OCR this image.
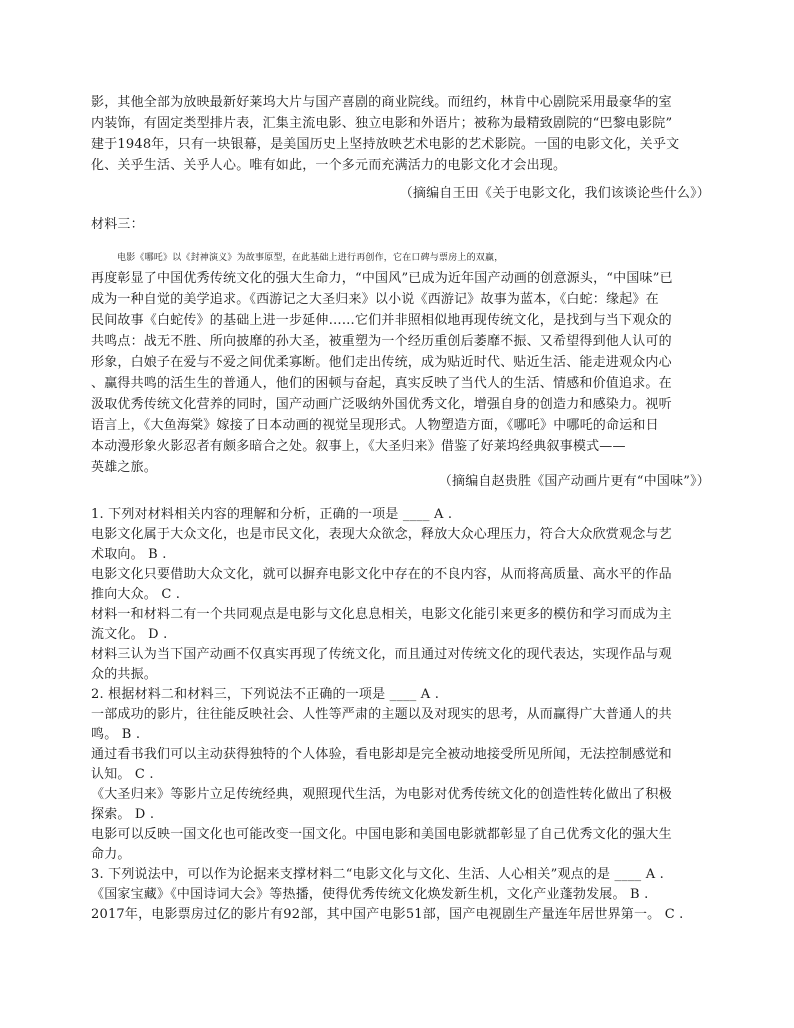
影，其他全部为放映最新好莱坞大片与国产喜剧的商业院线。而纽约，林肯中心剧院采用最豪华的室
内装饰，有固定类型排片表，汇集主流电影、独立电影和外语片；被称为最精致剧院的“巴黎电影院”
建于1948年，只有一块银幕，是美国历史上坚持放映艺术电影的艺术影院。一国的电影文化，关乎文
化、关乎生活、关乎人心。唯有如此，一个多元而充满活力的电影文化才会出现。
（摘编自王田《关于电影文化，我们该谈论些什么》）
材料三：
电影《哪吒》以《封神演义》为故事原型，在此基础上进行再创作，它在口碑与票房上的双赢，
再度彰显了中国优秀传统文化的强大生命力，“中国风”已成为近年国产动画的创意源头，“中国味”已
成为一种自觉的美学追求。《西游记之大圣归来》以小说《西游记》故事为蓝本，《白蛇：缘起》在
民间故事《白蛇传》的基础上进一步延伸……它们并非照相似地再现传统文化，是找到与当下观众的
共鸣点：战无不胜、所向披靡的孙大圣，被重塑为一个经历重创后萎靡不振、又希望得到他人认可的
形象，白娘子在爱与不爱之间优柔寡断。他们走出传统，成为贴近时代、贴近生活、能走进观众内心
、赢得共鸣的活生生的普通人，他们的困顿与奋起，真实反映了当代人的生活、情感和价值追求。在
汲取优秀传统文化营养的同时，国产动画广泛吸纳外国优秀文化，增强自身的创造力和感染力。视听
语言上，《大鱼海棠》嫁接了日本动画的视觉呈现形式。人物塑造方面，《哪吒》中哪吒的命运和日
本动漫形象火影忍者有颇多暗合之处。叙事上，《大圣归来》借鉴了好莱坞经典叙事模式——
英雄之旅。
（摘编自赵贵胜《国产动画片更有“中国味”》）
1. 下列对材料相关内容的理解和分析，正确的一项是 ____ A .
电影文化属于大众文化，也是市民文化，表现大众欲念，释放大众心理压力，符合大众欣赏观念与艺
术取向。 B .
电影文化只要借助大众文化，就可以摒弃电影文化中存在的不良内容，从而将高质量、高水平的作品
推向大众。 C .
材料一和材料二有一个共同观点是电影与文化息息相关，电影文化能引来更多的模仿和学习而成为主
流文化。 D .
材料三认为当下国产动画不仅真实再现了传统文化，而且通过对传统文化的现代表达，实现作品与观
众的共振。
2. 根据材料二和材料三，下列说法不正确的一项是 ____ A .
一部成功的影片，往往能反映社会、人性等严肃的主题以及对现实的思考，从而赢得广大普通人的共
鸣。 B .
通过看书我们可以主动获得独特的个人体验，看电影却是完全被动地接受所见所闻，无法控制感觉和
认知。 C .
《大圣归来》等影片立足传统经典，观照现代生活，为电影对优秀传统文化的创造性转化做出了积极
探索。 D .
电影可以反映一国文化也可能改变一国文化。中国电影和美国电影就都彰显了自己优秀文化的强大生
命力。
3. 下列说法中，可以作为论据来支撑材料二“电影文化与文化、生活、人心相关”观点的是 ____ A .
《国家宝藏》《中国诗词大会》等热播，使得优秀传统文化焕发新生机，文化产业蓬勃发展。 B .
2017年，电影票房过亿的影片有92部，其中国产电影51部，国产电视剧生产量连年居世界第一。 C .
